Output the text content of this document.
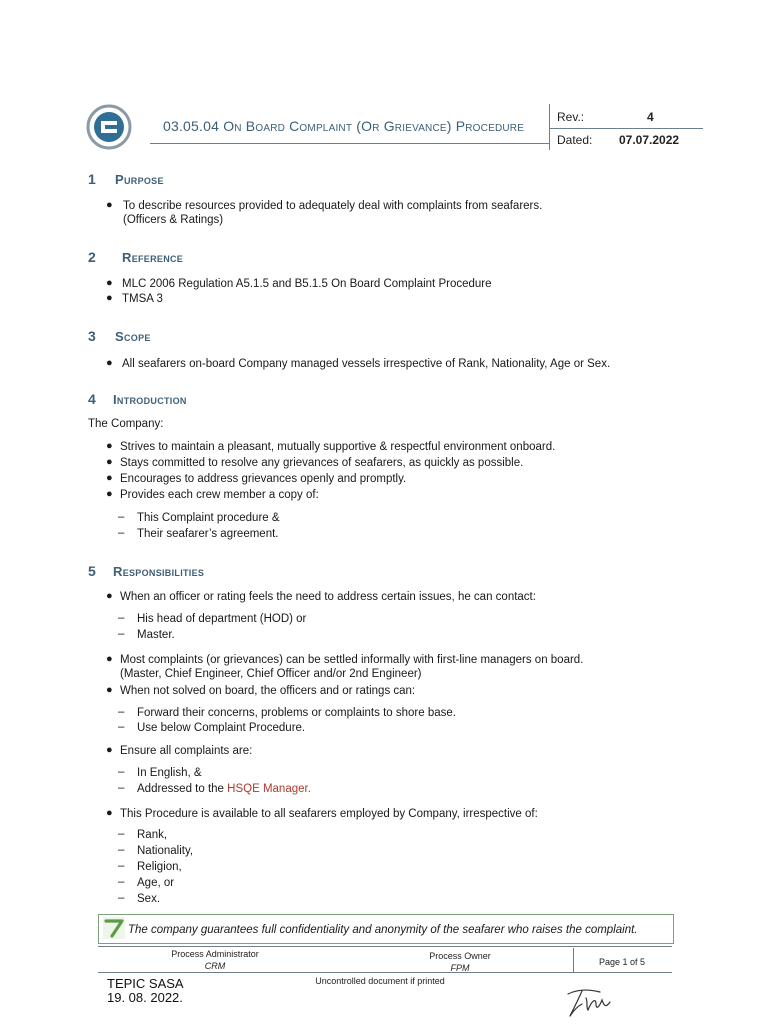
03.05.04 On Board Complaint (Or Grievance) Procedure
Rev.:	4
Dated: 07.07.2022
1 Purpose
● To describe resources provided to adequately deal with complaints from seafarers.
(Officers & Ratings)
2 Reference
● MLC 2006 Regulation A5.1.5 and B5.1.5 On Board Complaint Procedure
● TMSA 3
3 Scope
● All seafarers on-board Company managed vessels irrespective of Rank, Nationality, Age or Sex.
4 Introduction
The Company:
● Strives to maintain a pleasant, mutually supportive & respectful environment onboard.
● Stays committed to resolve any grievances of seafarers, as quickly as possible.
● Encourages to address grievances openly and promptly.
● Provides each crew member a copy of:
– This Complaint procedure &
– Their seafarer’s agreement.
5 Responsibilities
● When an officer or rating feels the need to address certain issues, he can contact:
– His head of department (HOD) or
– Master.
● Most complaints (or grievances) can be settled informally with first-line managers on board.
(Master, Chief Engineer, Chief Officer and/or 2nd Engineer)
● When not solved on board, the officers and or ratings can:
– Forward their concerns, problems or complaints to shore base.
– Use below Complaint Procedure.
● Ensure all complaints are:
– In English, &
– Addressed to the HSQE Manager.
● This Procedure is available to all seafarers employed by Company, irrespective of:
– Rank,
– Nationality,
– Religion,
– Age, or
– Sex.
The company guarantees full confidentiality and anonymity of the seafarer who raises the complaint.
Process Administrator
CRM
Process Owner
FPM
Page 1 of 5
Uncontrolled document if printed
TEPIC SASA
19. 08. 2022.
